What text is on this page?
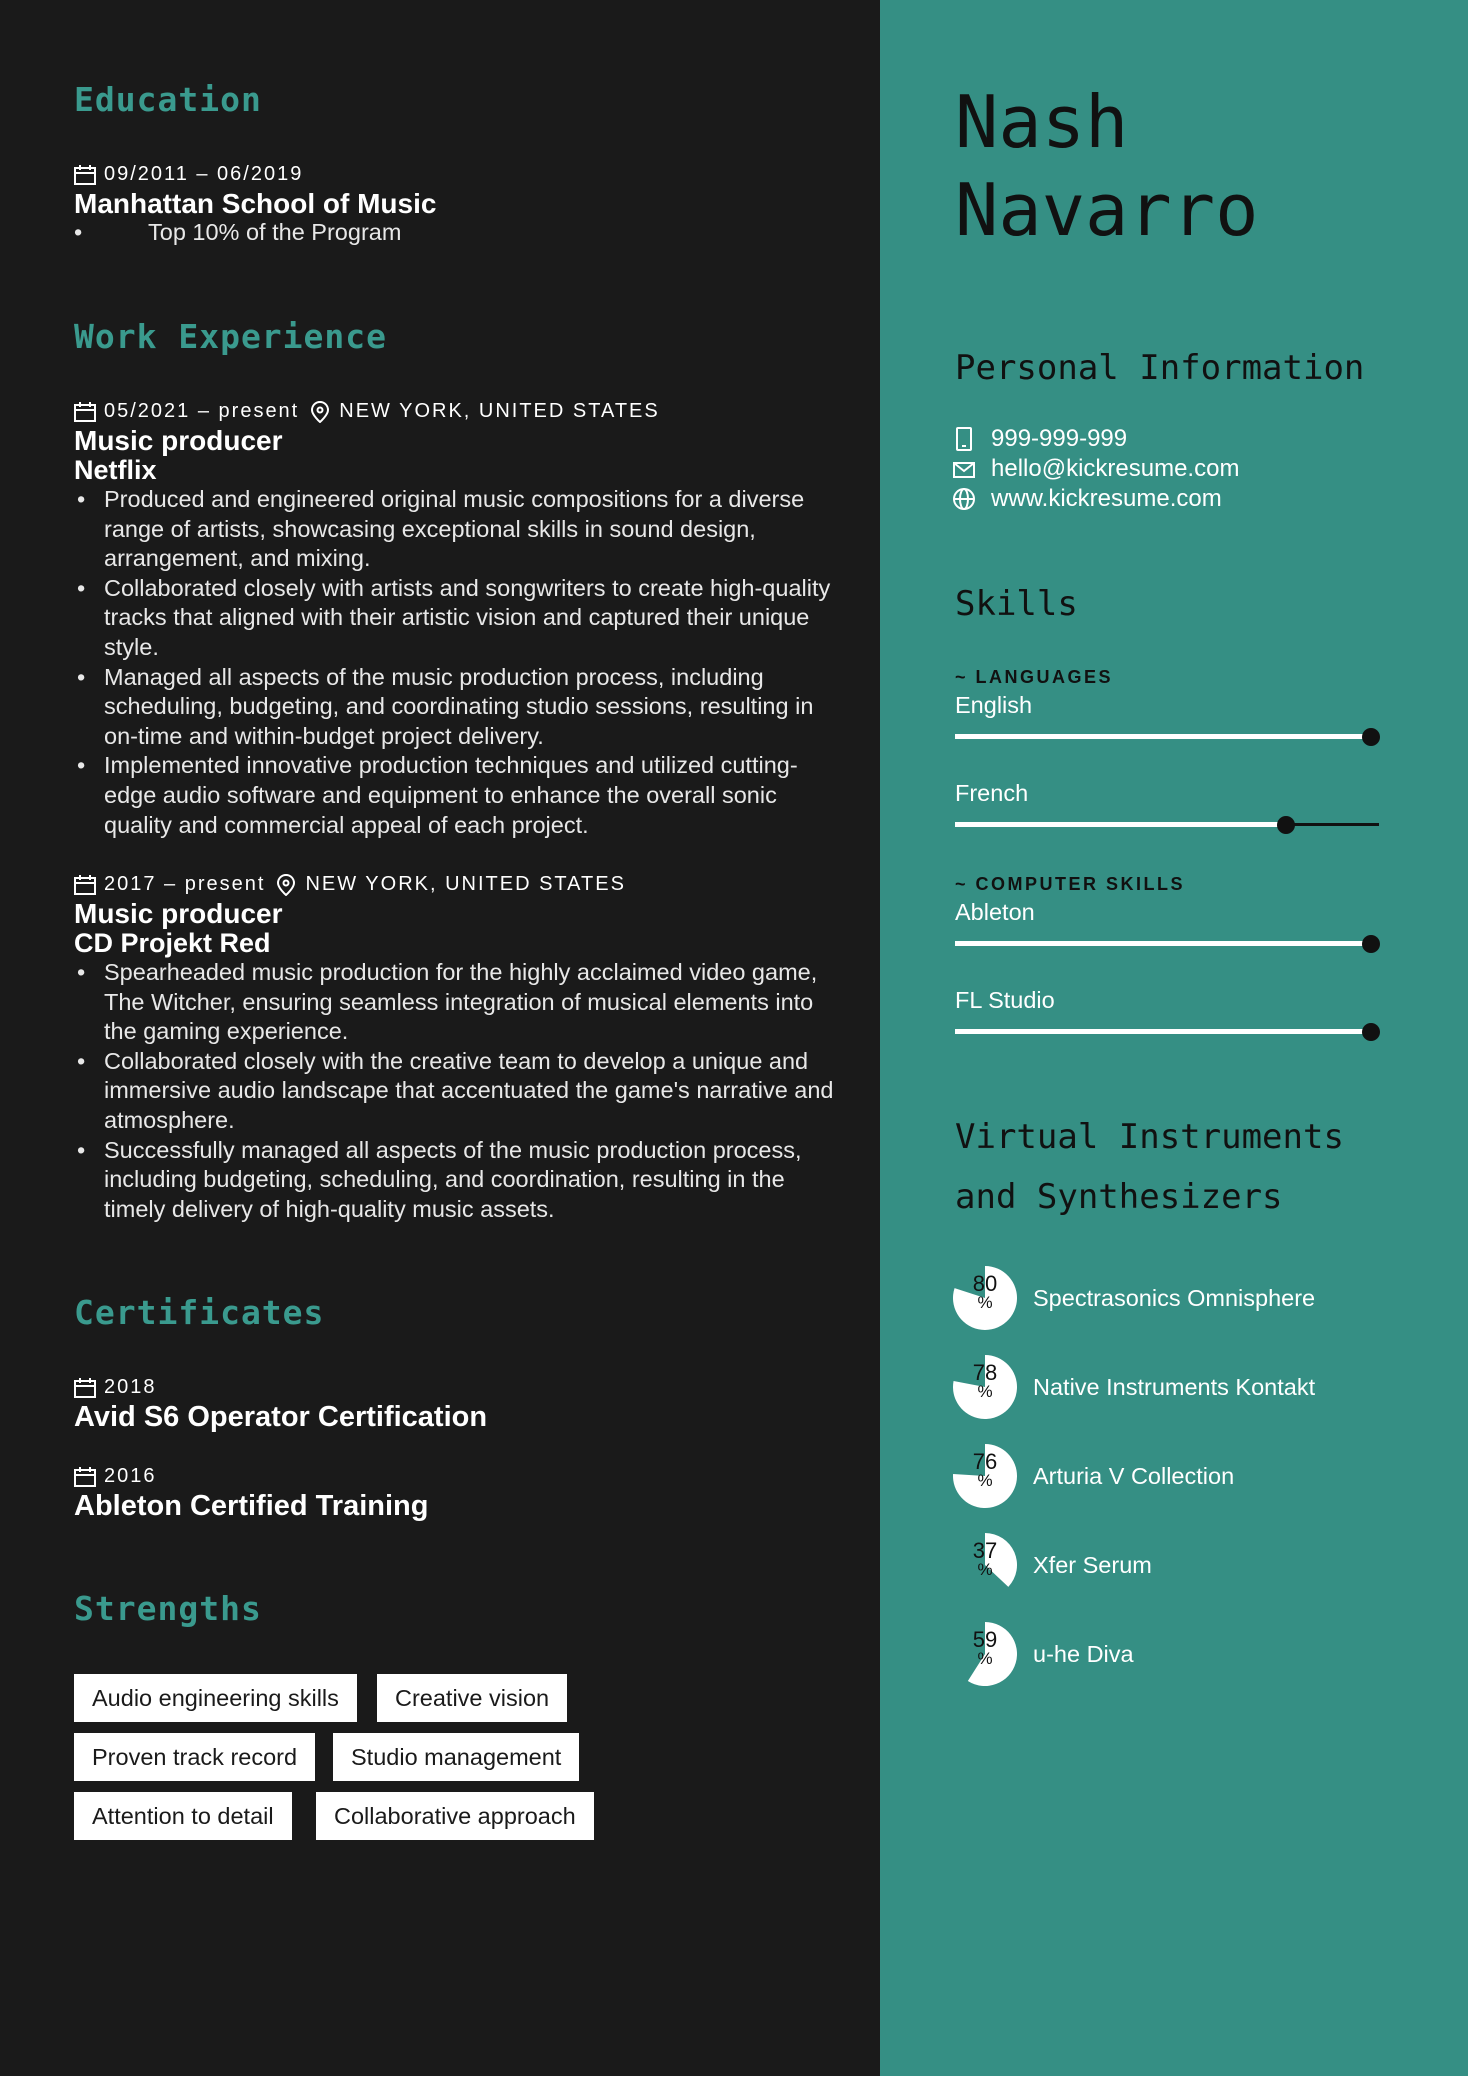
Education
09/2011 – 06/2019
Manhattan School of Music
•	Top 10% of the Program
Work Experience
05/2021 – present NEW YORK, UNITED STATES
Music producer
Netflix
• Produced and engineered original music compositions for a diverse range of artists, showcasing exceptional skills in sound design, arrangement, and mixing.
• Collaborated closely with artists and songwriters to create high-quality tracks that aligned with their artistic vision and captured their unique style.
• Managed all aspects of the music production process, including scheduling, budgeting, and coordinating studio sessions, resulting in on-time and within-budget project delivery.
• Implemented innovative production techniques and utilized cutting-edge audio software and equipment to enhance the overall sonic quality and commercial appeal of each project.
2017 – present NEW YORK, UNITED STATES
Music producer
CD Projekt Red
• Spearheaded music production for the highly acclaimed video game, The Witcher, ensuring seamless integration of musical elements into the gaming experience.
• Collaborated closely with the creative team to develop a unique and immersive audio landscape that accentuated the game's narrative and atmosphere.
• Successfully managed all aspects of the music production process, including budgeting, scheduling, and coordination, resulting in the timely delivery of high-quality music assets.
Certificates
2018
Avid S6 Operator Certification
2016
Ableton Certified Training
Strengths
Audio engineering skills	Creative vision
Proven track record	Studio management
Attention to detail	Collaborative approach
Nash
Navarro
Personal Information
999-999-999
hello@kickresume.com
www.kickresume.com
Skills
~ LANGUAGES
English
French
~ COMPUTER SKILLS
Ableton
FL Studio
Virtual Instruments
and Synthesizers
80
%	Spectrasonics Omnisphere
78
%	Native Instruments Kontakt
76
%	Arturia V Collection
37
%	Xfer Serum
59
%	u-he Diva
